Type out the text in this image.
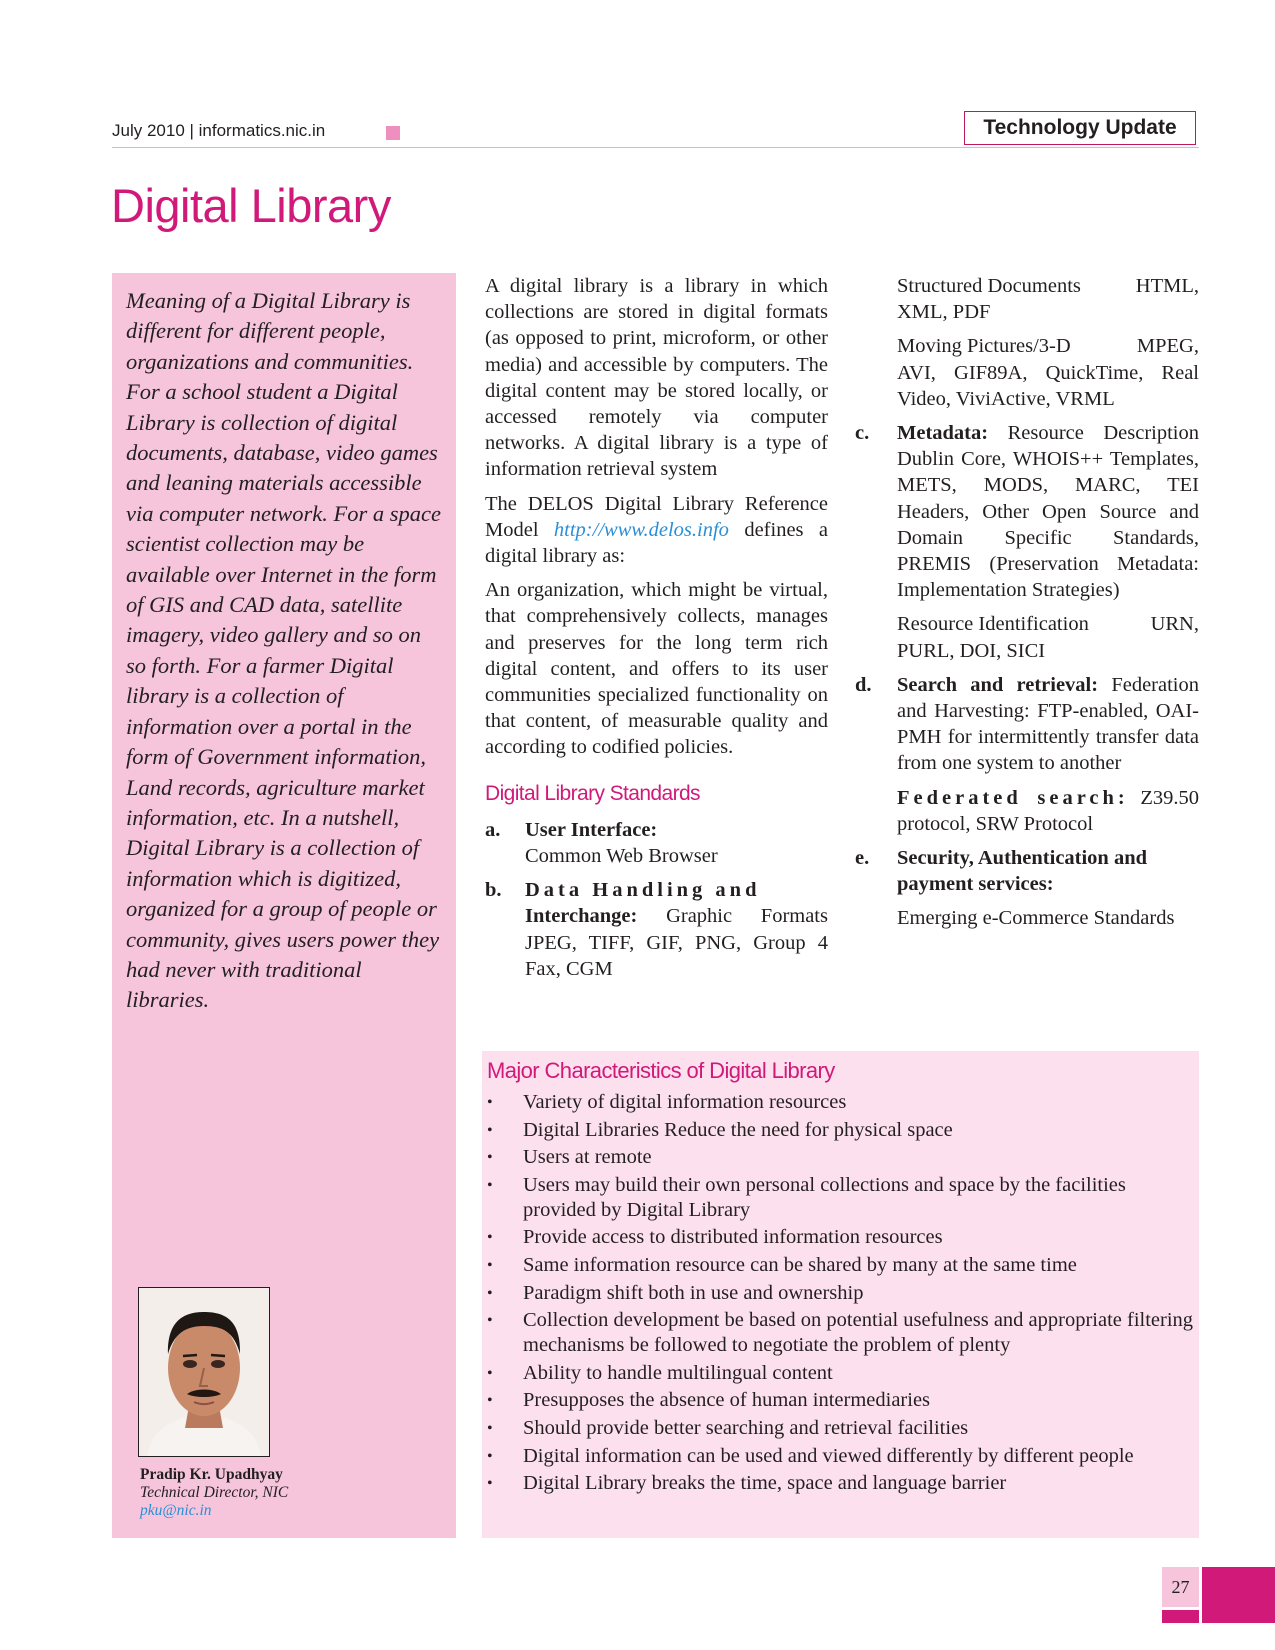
July 2010 | informatics.nic.in	Technology Update
Digital Library
Meaning of a Digital Library is different for different people, organizations and communities. For a school student a Digital Library is collection of digital documents, database, video games and leaning materials accessible via computer network. For a space scientist collection may be available over Internet in the form of GIS and CAD data, satellite imagery, video gallery and so on so forth. For a farmer Digital library is a collection of information over a portal in the form of Government information, Land records, agriculture market information, etc. In a nutshell, Digital Library is a collection of information which is digitized, organized for a group of people or community, gives users power they had never with traditional libraries.
Pradip Kr. Upadhyay
Technical Director, NIC
pku@nic.in

A digital library is a library in which collections are stored in digital formats (as opposed to print, microform, or other media) and accessible by computers. The digital content may be stored locally, or accessed remotely via computer networks. A digital library is a type of information retrieval system

The DELOS Digital Library Reference Model http://www.delos.info defines a digital library as:

An organization, which might be virtual, that comprehensively collects, manages and preserves for the long term rich digital content, and offers to its user communities specialized functionality on that content, of measurable quality and according to codified policies.

Digital Library Standards
a.	User Interface:
Common Web Browser
b.	Data Handling and
Interchange: Graphic Formats JPEG, TIFF, GIF, PNG, Group 4 Fax, CGM
Structured Documents	HTML,
XML, PDF
Moving Pictures/3-D	MPEG,
AVI, GIF89A, QuickTime, Real Video, ViviActive, VRML
c.	Metadata: Resource Description Dublin Core, WHOIS++ Templates, METS, MODS, MARC, TEI Headers, Other Open Source and Domain Specific Standards, PREMIS (Preservation Metadata: Implementation Strategies)
Resource Identification	URN,
PURL, DOI, SICI
d.	Search and retrieval: Federation and Harvesting: FTP-enabled, OAI-PMH for intermittently transfer data from one system to another
Federated search: Z39.50 protocol, SRW Protocol
e.	Security, Authentication and payment services:
Emerging e-Commerce Standards
Major Characteristics of Digital Library
• Variety of digital information resources
• Digital Libraries Reduce the need for physical space
• Users at remote
• Users may build their own personal collections and space by the facilities provided by Digital Library
• Provide access to distributed information resources
• Same information resource can be shared by many at the same time
• Paradigm shift both in use and ownership
• Collection development be based on potential usefulness and appropriate filtering mechanisms be followed to negotiate the problem of plenty
• Ability to handle multilingual content
• Presupposes the absence of human intermediaries
• Should provide better searching and retrieval facilities
• Digital information can be used and viewed differently by different people
• Digital Library breaks the time, space and language barrier
27
